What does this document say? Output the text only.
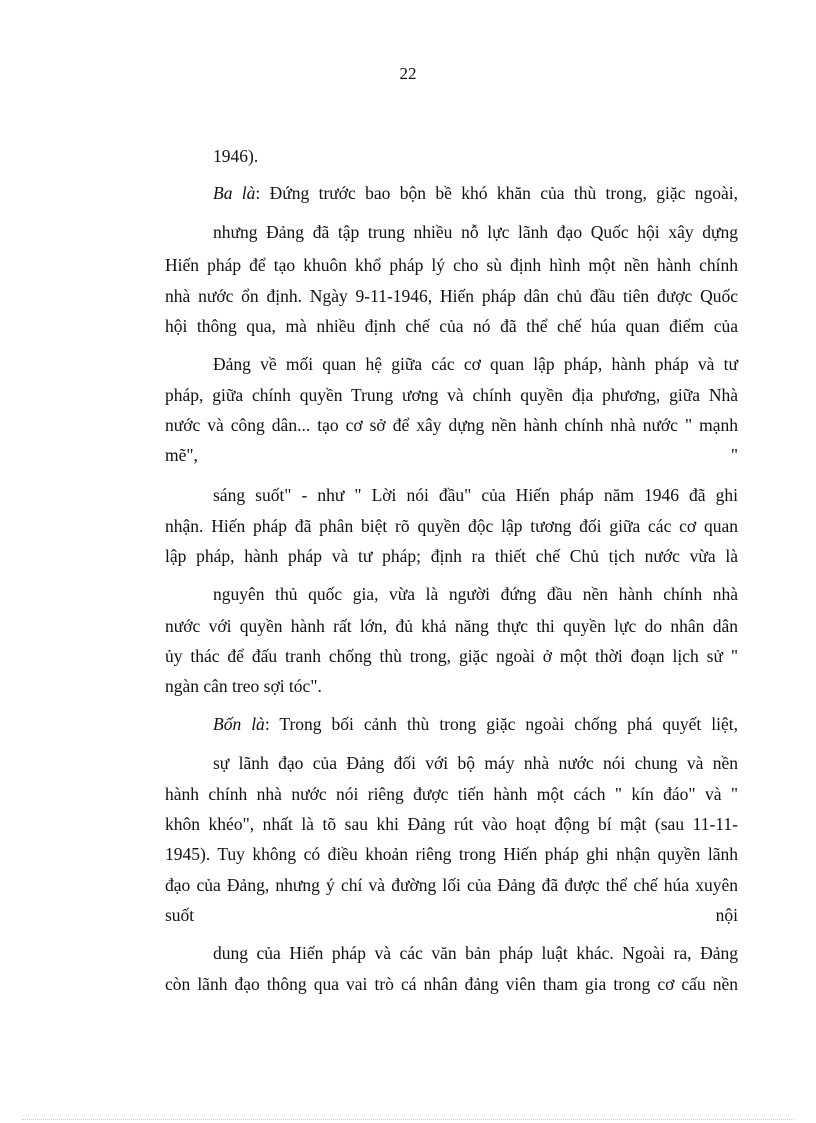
22

1946).

Ba là: Đứng trước bao bộn bề khó khăn của thù trong, giặc ngoài,

nhưng Đảng đã tập trung nhiều nỗ lực lãnh đạo Quốc hội xây dựng

Hiến pháp để tạo khuôn khổ pháp lý cho sù định hình một nền hành chính

nhà nước ổn định. Ngày 9-11-1946, Hiến pháp dân chủ đầu tiên được Quốc

hội thông qua, mà nhiều định chế của nó đã thể chế húa quan điểm của

Đảng về mối quan hệ giữa các cơ quan lập pháp, hành pháp và tư

pháp, giữa chính quyền Trung ương và chính quyền địa phương, giữa Nhà

nước và công dân... tạo cơ sở để xây dựng nền hành chính nhà nước " mạnh

mẽ",	"

sáng suốt" - như " Lời nói đầu" của Hiến pháp năm 1946 đã ghi

nhận. Hiến pháp đã phân biệt rõ quyền độc lập tương đối giữa các cơ quan

lập pháp, hành pháp và tư pháp; định ra thiết chế Chủ tịch nước vừa là

nguyên thủ quốc gia, vừa là người đứng đầu nền hành chính nhà

nước với quyền hành rất lớn, đủ khả năng thực thi quyền lực do nhân dân

ủy thác để đấu tranh chống thù trong, giặc ngoài ở một thời đoạn lịch sử "

ngàn cân treo sợi tóc".

Bốn là: Trong bối cảnh thù trong giặc ngoài chống phá quyết liệt,

sự lãnh đạo của Đảng đối với bộ máy nhà nước nói chung và nền

hành chính nhà nước nói riêng được tiến hành một cách " kín đáo" và "

khôn khéo", nhất là tõ sau khi Đảng rút vào hoạt động bí mật (sau 11-11-

1945). Tuy không có điều khoản riêng trong Hiến pháp ghi nhận quyền lãnh

đạo của Đảng, nhưng ý chí và đường lối của Đảng đã được thể chế húa xuyên

suốt	nội

dung của Hiến pháp và các văn bản pháp luật khác. Ngoài ra, Đảng

còn lãnh đạo thông qua vai trò cá nhân đảng viên tham gia trong cơ cấu nền
